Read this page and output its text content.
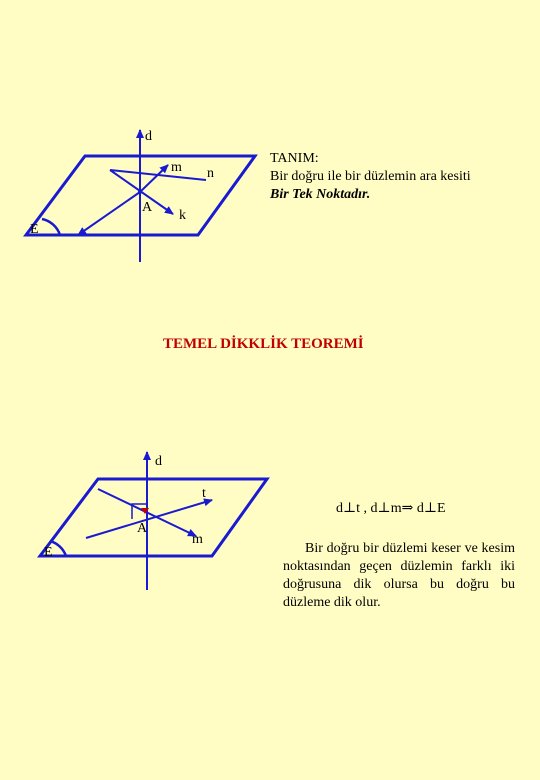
d
m n
A
k
E
d
t
A
m
E
TANIM:
Bir doğru ile bir düzlemin ara kesiti
Bir Tek Noktadır.
TEMEL DİKKLİK TEOREMİ
d⊥t , d⊥m⇒ d⊥E
Bir doğru bir düzlemi keser ve kesim noktasından geçen düzlemin farklı iki doğrusuna dik olursa bu doğru bu düzleme dik olur.
